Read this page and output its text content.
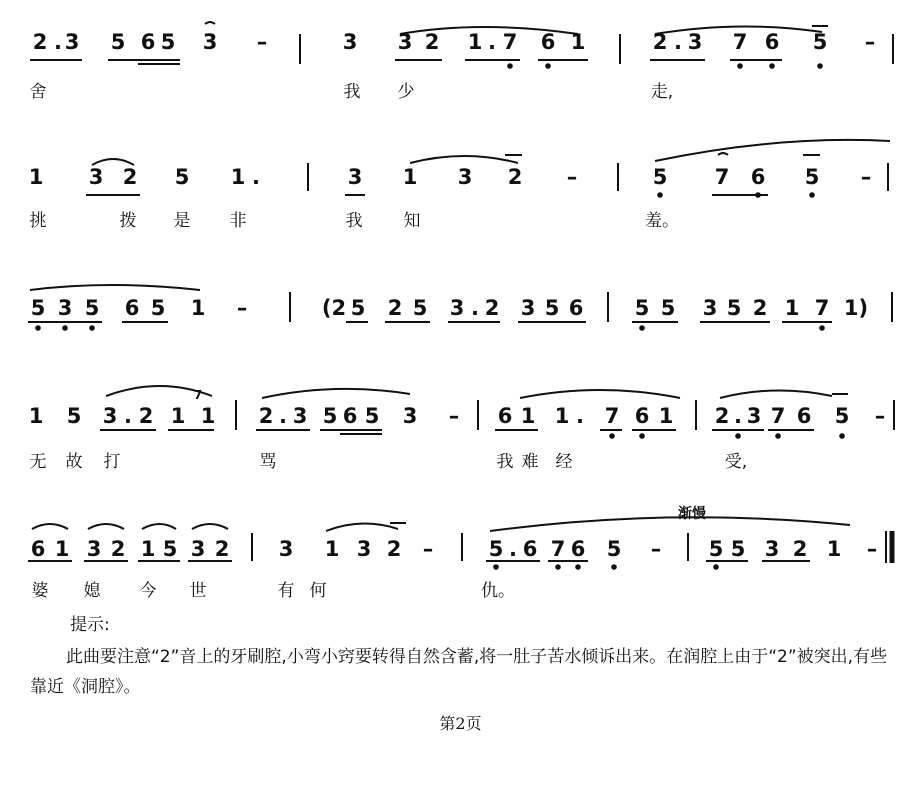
2 . 3 5 6 5 3 –	3 3 2 1 . 7 6 1	2 . 3 7 6 5 –
舍	我 少	走,
1 3 2 5 1 .	3 1 3 2 –	5 7 6 5 –
挑	拨 是 非	我 知	羞。
5 3 5 6 5 1 –	(2 5 2 5 3 . 2 3 5 6 5 5 3 5 2 1 7 1)
1 5 3 . 2 1 1 2 . 3 5 6 5 3 – 6 1 1 . 7 6 1 2 . 3 7 6 5 –
7
无 故 打	骂	我 难 经	受,
渐慢
6 1 3 2 1 5 3 2 3 1 3 2 –	5 . 6 7 6 5 – 5 5 3 2 1 –
婆 媳 今 世	有 何	仇。
提示:
此曲要注意“2”音上的牙刷腔,小弯小窍要转得自然含蓄,将一肚子苦水倾诉出来。在润腔上由于“2”被突出,有些靠近《洞腔》。
第2页
